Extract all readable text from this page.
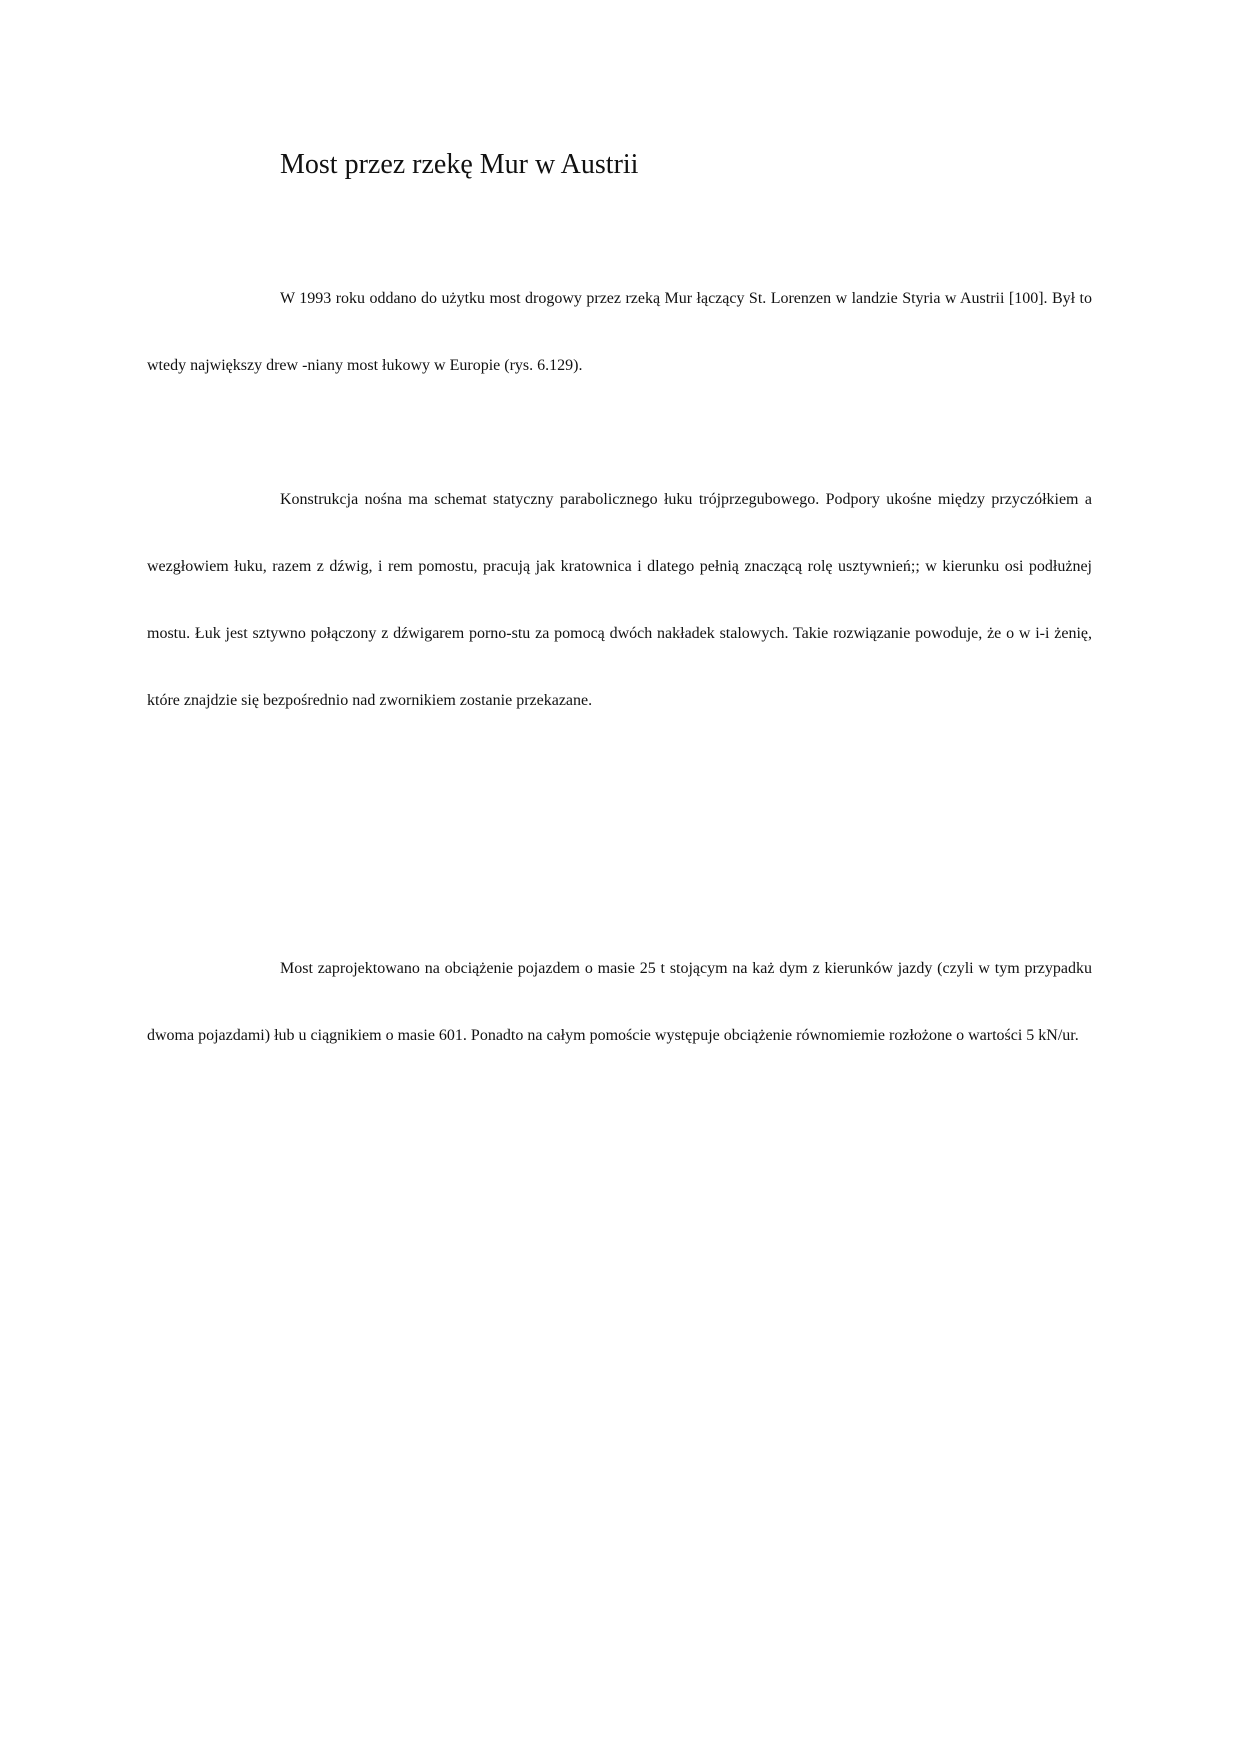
Most przez rzekę Mur w Austrii

W 1993 roku oddano do użytku most drogowy przez rzeką Mur łączący St. Lorenzen w landzie Styria w Austrii [100]. Był to wtedy największy drew -niany most łukowy w Europie (rys. 6.129).

Konstrukcja nośna ma schemat statyczny parabolicznego łuku trójprzegubowego. Podpory ukośne między przyczółkiem a wezgłowiem łuku, razem z dźwig, i rem pomostu, pracują jak kratownica i dlatego pełnią znaczącą rolę usztywnień;; w kierunku osi podłużnej mostu. Łuk jest sztywno połączony z dźwigarem porno-stu za pomocą dwóch nakładek stalowych. Takie rozwiązanie powoduje, że o w i-i żenię, które znajdzie się bezpośrednio nad zwornikiem zostanie przekazane.

Most zaprojektowano na obciążenie pojazdem o masie 25 t stojącym na każ dym z kierunków jazdy (czyli w tym przypadku dwoma pojazdami) łub u ciągnikiem o masie 601. Ponadto na całym pomoście występuje obciążenie równomiemie rozłożone o wartości 5 kN/ur.
